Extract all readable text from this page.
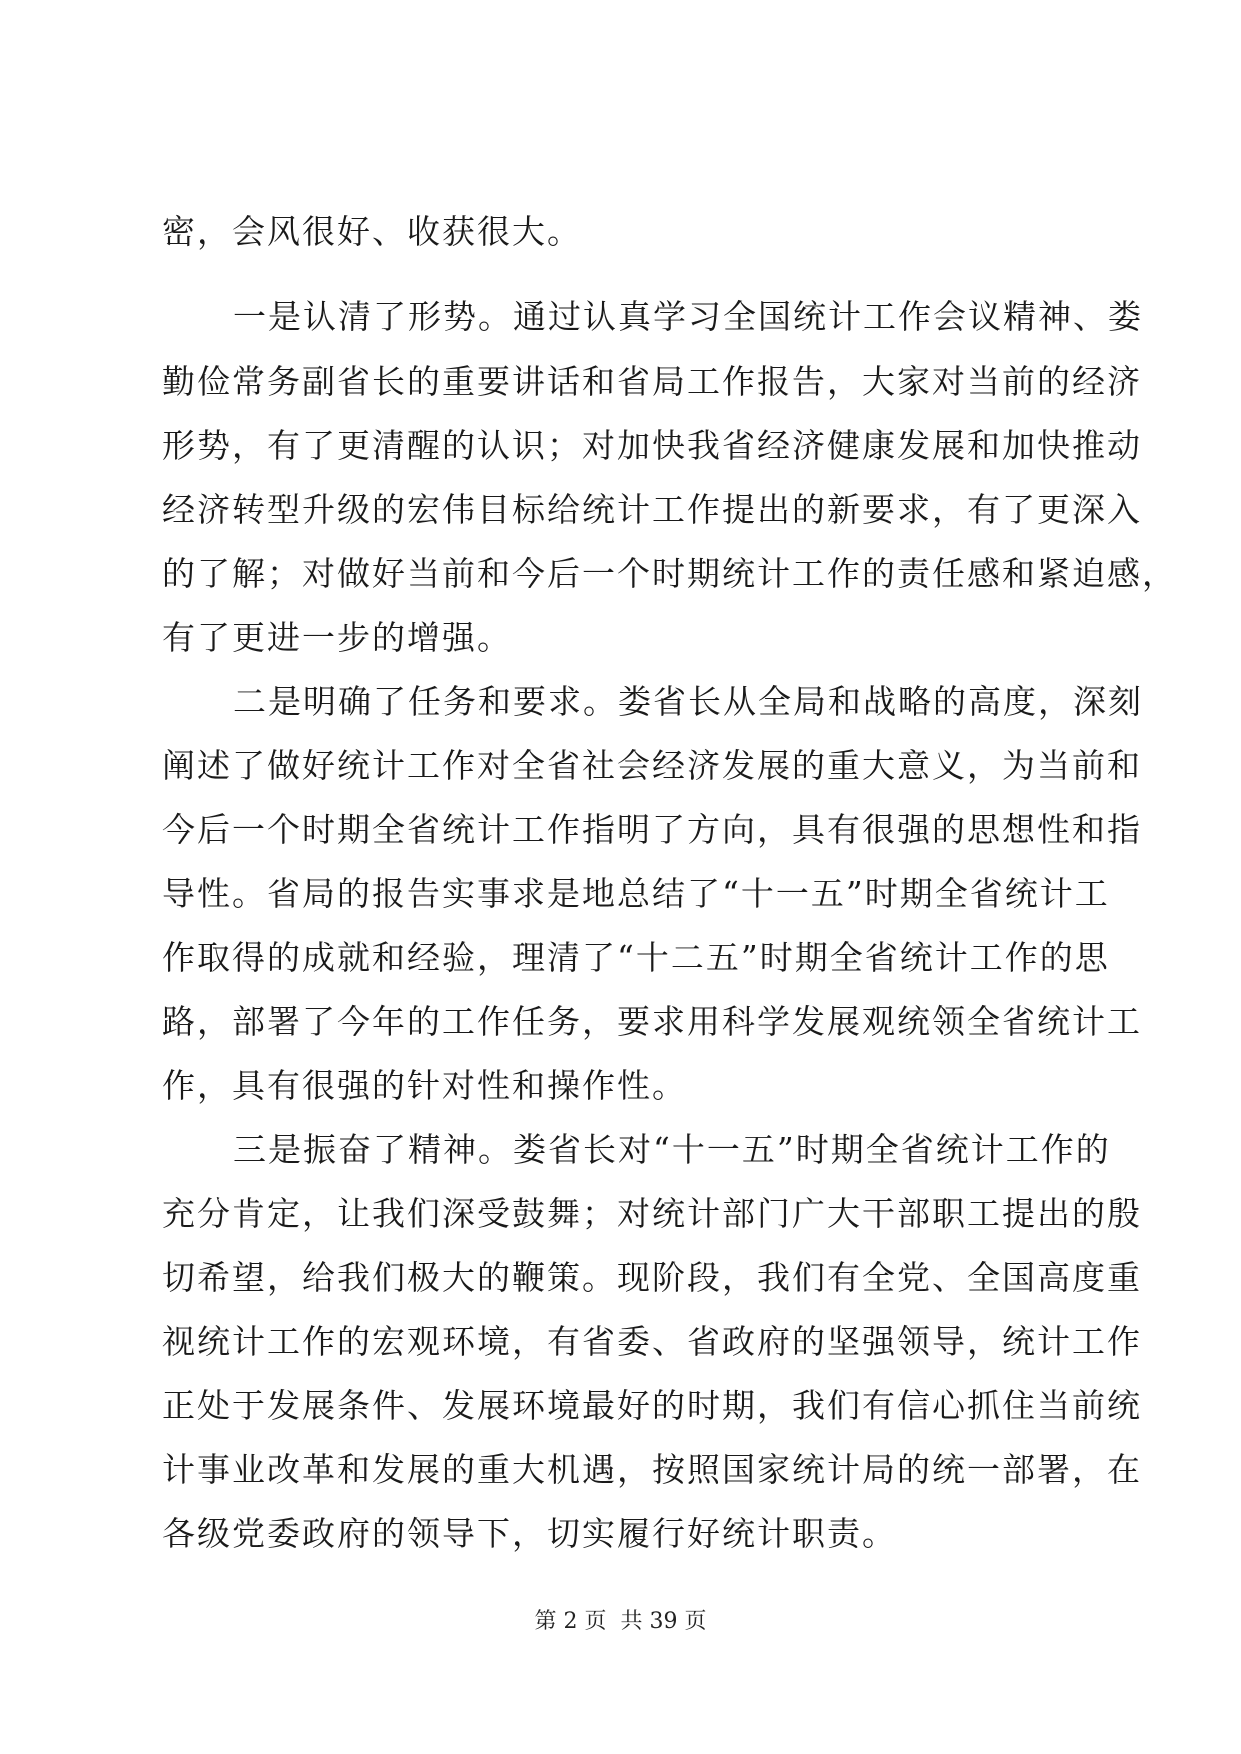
密，会风很好、收获很大。
一是认清了形势。通过认真学习全国统计工作会议精神、娄
勤俭常务副省长的重要讲话和省局工作报告，大家对当前的经济
形势，有了更清醒的认识；对加快我省经济健康发展和加快推动
经济转型升级的宏伟目标给统计工作提出的新要求，有了更深入
的了解；对做好当前和今后一个时期统计工作的责任感和紧迫感，
有了更进一步的增强。
二是明确了任务和要求。娄省长从全局和战略的高度，深刻
阐述了做好统计工作对全省社会经济发展的重大意义，为当前和
今后一个时期全省统计工作指明了方向，具有很强的思想性和指
导性。省局的报告实事求是地总结了“十一五”时期全省统计工
作取得的成就和经验，理清了“十二五”时期全省统计工作的思
路，部署了今年的工作任务，要求用科学发展观统领全省统计工
作，具有很强的针对性和操作性。
三是振奋了精神。娄省长对“十一五”时期全省统计工作的
充分肯定，让我们深受鼓舞；对统计部门广大干部职工提出的殷
切希望，给我们极大的鞭策。现阶段，我们有全党、全国高度重
视统计工作的宏观环境，有省委、省政府的坚强领导，统计工作
正处于发展条件、发展环境最好的时期，我们有信心抓住当前统
计事业改革和发展的重大机遇，按照国家统计局的统一部署，在
各级党委政府的领导下，切实履行好统计职责。
第 2 页  共 39 页
